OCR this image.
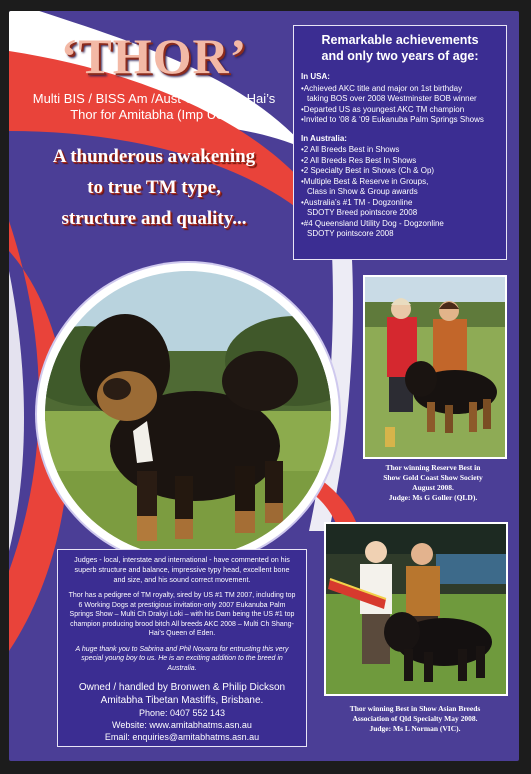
‘THOR’
Multi BIS / BISS Am /Aust Ch Shang-Hai’s
Thor for Amitabha (Imp USA)
A thunderous awakening
to true TM type,
structure and quality...
Remarkable achievements
and only two years of age:
In USA:
•Achieved AKC title and major on 1st birthday
taking BOS over 2008 Westminster BOB winner
•Departed US as youngest AKC TM champion
•Invited to ‘08 & ‘09 Eukanuba Palm Springs Shows
In Australia:
•2 All Breeds Best in Shows
•2 All Breeds Res Best In Shows
•2 Specialty Best in Shows (Ch & Op)
•Multiple Best & Reserve in Groups,
Class in Show & Group awards
•Australia’s #1 TM - Dogzonline
SDOTY Breed pointscore 2008
•#4 Queensland Utility Dog - Dogzonline
SDOTY pointscore 2008
Thor winning Reserve Best in
Show Gold Coast Show Society
August 2008.
Judge: Ms G Goller (QLD).
Thor winning Best in Show Asian Breeds
Association of Qld Specialty May 2008.
Judge: Ms L Norman (VIC).

Judges - local, interstate and international - have commented on his superb structure and balance, impressive typy head, excellent bone and size, and his sound correct movement.

Thor has a pedigree of TM royalty, sired by US #1 TM 2007, including top 6 Working Dogs at prestigious invitation-only 2007 Eukanuba Palm Springs Show – Multi Ch Drakyi Loki – with his Dam being the US #1 top champion producing brood bitch All breeds AKC 2008 – Multi Ch Shang-Hai’s Queen of Eden.

A huge thank you to Sabrina and Phil Novarra for entrusting this very special young boy to us. He is an exciting addition to the breed in Australia.

Owned / handled by Bronwen & Philip Dickson
Amitabha Tibetan Mastiffs, Brisbane.
Phone: 0407 552 143
Website: www.amitabhatms.asn.au
Email: enquiries@amitabhatms.asn.au
